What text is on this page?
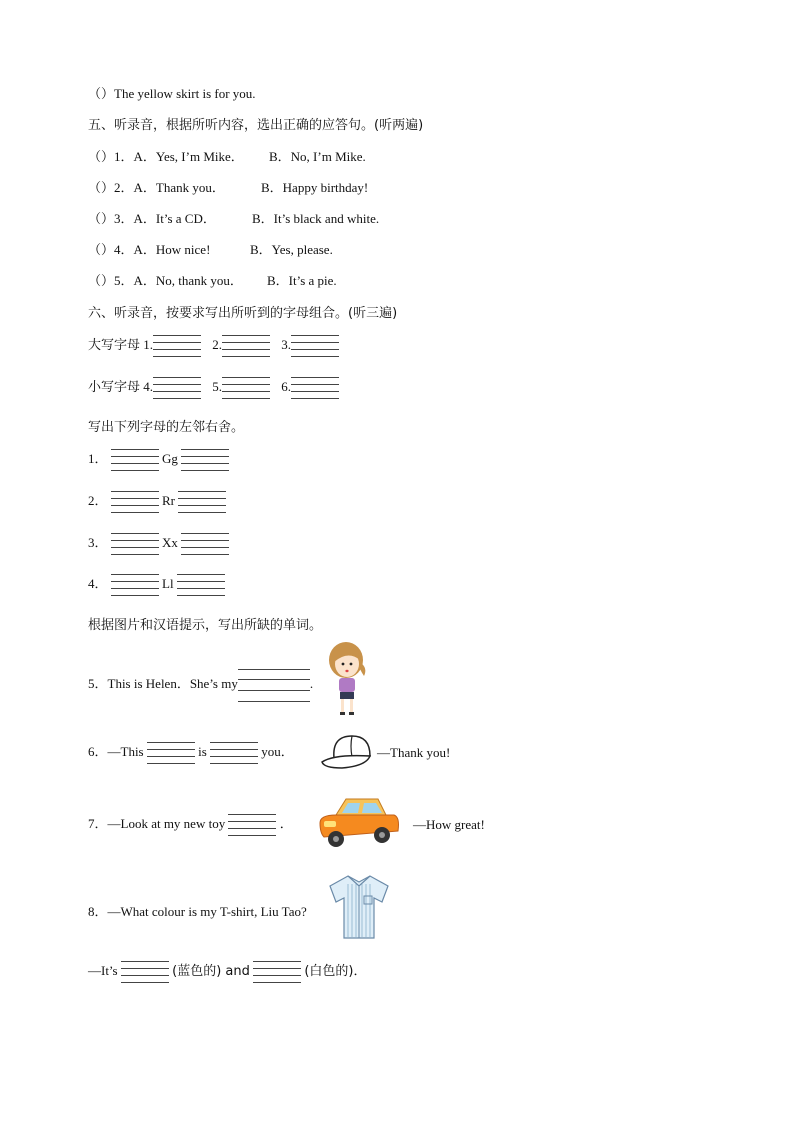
（）The yellow skirt is for you.
五、听录音，根据所听内容，选出正确的应答句。(听两遍)
（）1．A．Yes, I’m Mike． B．No, I’m Mike.
（）2．A．Thank you．	B．Happy birthday!
（）3．A．It’s a CD．	B．It’s black and white.
（）4．A．How nice!	B．Yes, please.
（）5．A．No, thank you． B．It’s a pie.
六、听录音，按要求写出所听到的字母组合。(听三遍)
大写字母 1.	2.	3.
小写字母 4.	5.	6.
写出下列字母的左邻右舍。
1．	Gg
2．	Rr
3．	Xx
4．	Ll
根据图片和汉语提示，写出所缺的单词。
5．This is Helen．She’s my	.
6．—This	is	you．	—Thank you!
7．—Look at my new toy	．	—How great!
8．—What colour is my T-shirt, Liu Tao?
—It’s	(蓝色的) and	(白色的)．
